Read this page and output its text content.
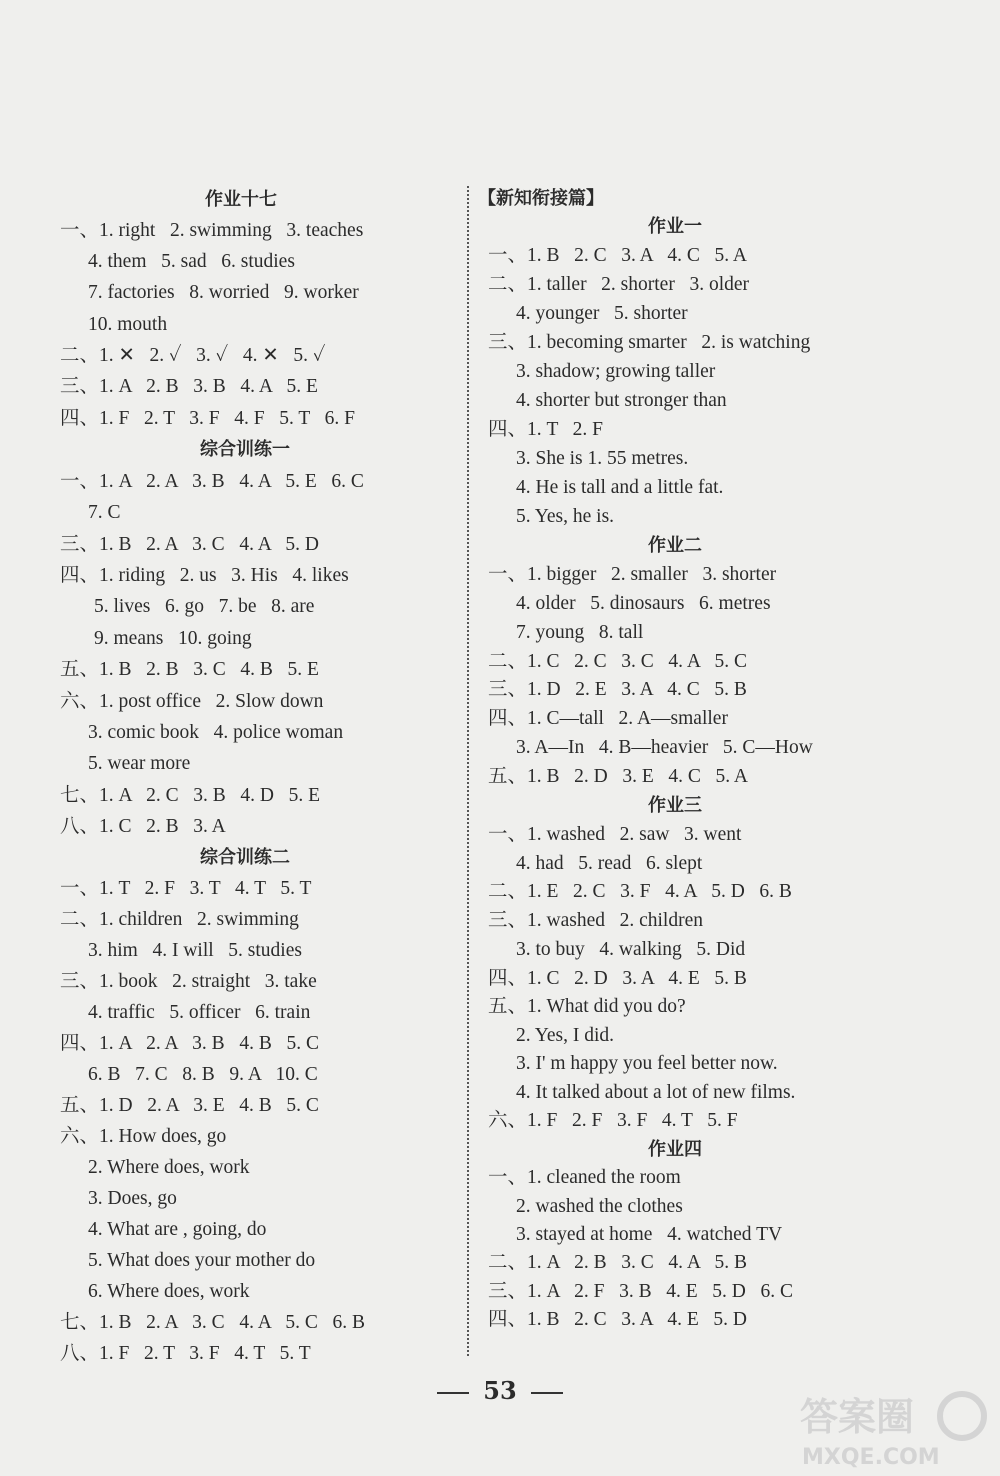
53
答案圈
MXQE.COM
作业十七
一、1. right   2. swimming   3. teaches
4. them   5. sad   6. studies
7. factories   8. worried   9. worker
10. mouth
二、1. ✕   2. ✓   3. ✓   4. ✕   5. ✓
三、1. A   2. B   3. B   4. A   5. E
四、1. F   2. T   3. F   4. F   5. T   6. F
综合训练一
一、1. A   2. A   3. B   4. A   5. E   6. C
7. C
三、1. B   2. A   3. C   4. A   5. D
四、1. riding   2. us   3. His   4. likes
5. lives   6. go   7. be   8. are
9. means   10. going
五、1. B   2. B   3. C   4. B   5. E
六、1. post office   2. Slow down
3. comic book   4. police woman
5. wear more
七、1. A   2. C   3. B   4. D   5. E
八、1. C   2. B   3. A
综合训练二
一、1. T   2. F   3. T   4. T   5. T
二、1. children   2. swimming
3. him   4. I will   5. studies
三、1. book   2. straight   3. take
4. traffic   5. officer   6. train
四、1. A   2. A   3. B   4. B   5. C
6. B   7. C   8. B   9. A   10. C
五、1. D   2. A   3. E   4. B   5. C
六、1. How does, go
2. Where does, work
3. Does, go
4. What are , going, do
5. What does your mother do
6. Where does, work
七、1. B   2. A   3. C   4. A   5. C   6. B
八、1. F   2. T   3. F   4. T   5. T
【新知衔接篇】
作业一
一、1. B   2. C   3. A   4. C   5. A
二、1. taller   2. shorter   3. older
4. younger   5. shorter
三、1. becoming smarter   2. is watching
3. shadow; growing taller
4. shorter but stronger than
四、1. T   2. F
3. She is 1. 55 metres.
4. He is tall and a little fat.
5. Yes, he is.
作业二
一、1. bigger   2. smaller   3. shorter
4. older   5. dinosaurs   6. metres
7. young   8. tall
二、1. C   2. C   3. C   4. A   5. C
三、1. D   2. E   3. A   4. C   5. B
四、1. C—tall   2. A—smaller
3. A—In   4. B—heavier   5. C—How
五、1. B   2. D   3. E   4. C   5. A
作业三
一、1. washed   2. saw   3. went
4. had   5. read   6. slept
二、1. E   2. C   3. F   4. A   5. D   6. B
三、1. washed   2. children
3. to buy   4. walking   5. Did
四、1. C   2. D   3. A   4. E   5. B
五、1. What did you do?
2. Yes, I did.
3. I' m happy you feel better now.
4. It talked about a lot of new films.
六、1. F   2. F   3. F   4. T   5. F
作业四
一、1. cleaned the room
2. washed the clothes
3. stayed at home   4. watched TV
二、1. A   2. B   3. C   4. A   5. B
三、1. A   2. F   3. B   4. E   5. D   6. C
四、1. B   2. C   3. A   4. E   5. D
